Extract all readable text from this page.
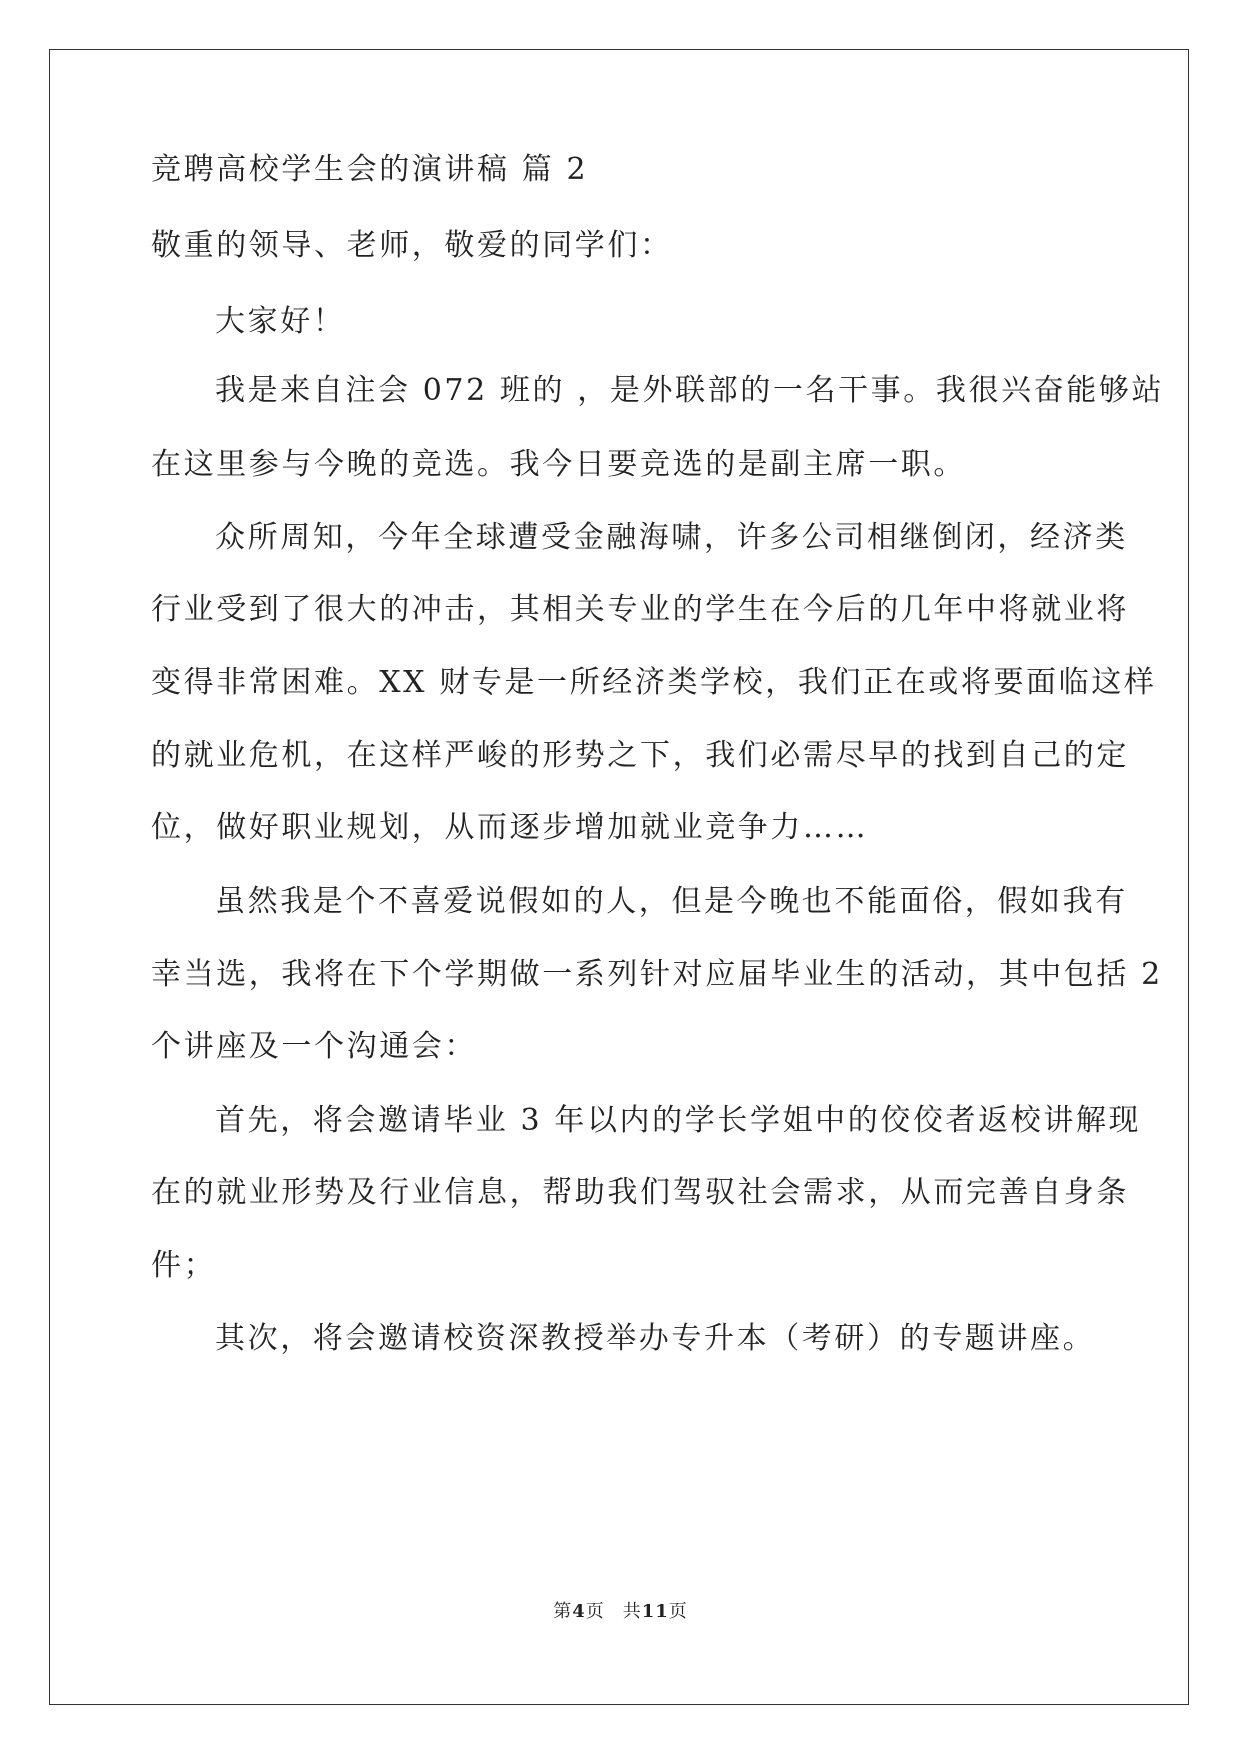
竞聘高校学生会的演讲稿 篇 2
敬重的领导、老师，敬爱的同学们：
大家好！
我是来自注会 072 班的 ，是外联部的一名干事。我很兴奋能够站
在这里参与今晚的竞选。我今日要竞选的是副主席一职。
众所周知，今年全球遭受金融海啸，许多公司相继倒闭，经济类
行业受到了很大的冲击，其相关专业的学生在今后的几年中将就业将
变得非常困难。XX 财专是一所经济类学校，我们正在或将要面临这样
的就业危机，在这样严峻的形势之下，我们必需尽早的找到自己的定
位，做好职业规划，从而逐步增加就业竞争力……
虽然我是个不喜爱说假如的人，但是今晚也不能面俗，假如我有
幸当选，我将在下个学期做一系列针对应届毕业生的活动，其中包括 2
个讲座及一个沟通会：
首先，将会邀请毕业 3 年以内的学长学姐中的佼佼者返校讲解现
在的就业形势及行业信息，帮助我们驾驭社会需求，从而完善自身条
件；
其次，将会邀请校资深教授举办专升本（考研）的专题讲座。
第4页 共11页
